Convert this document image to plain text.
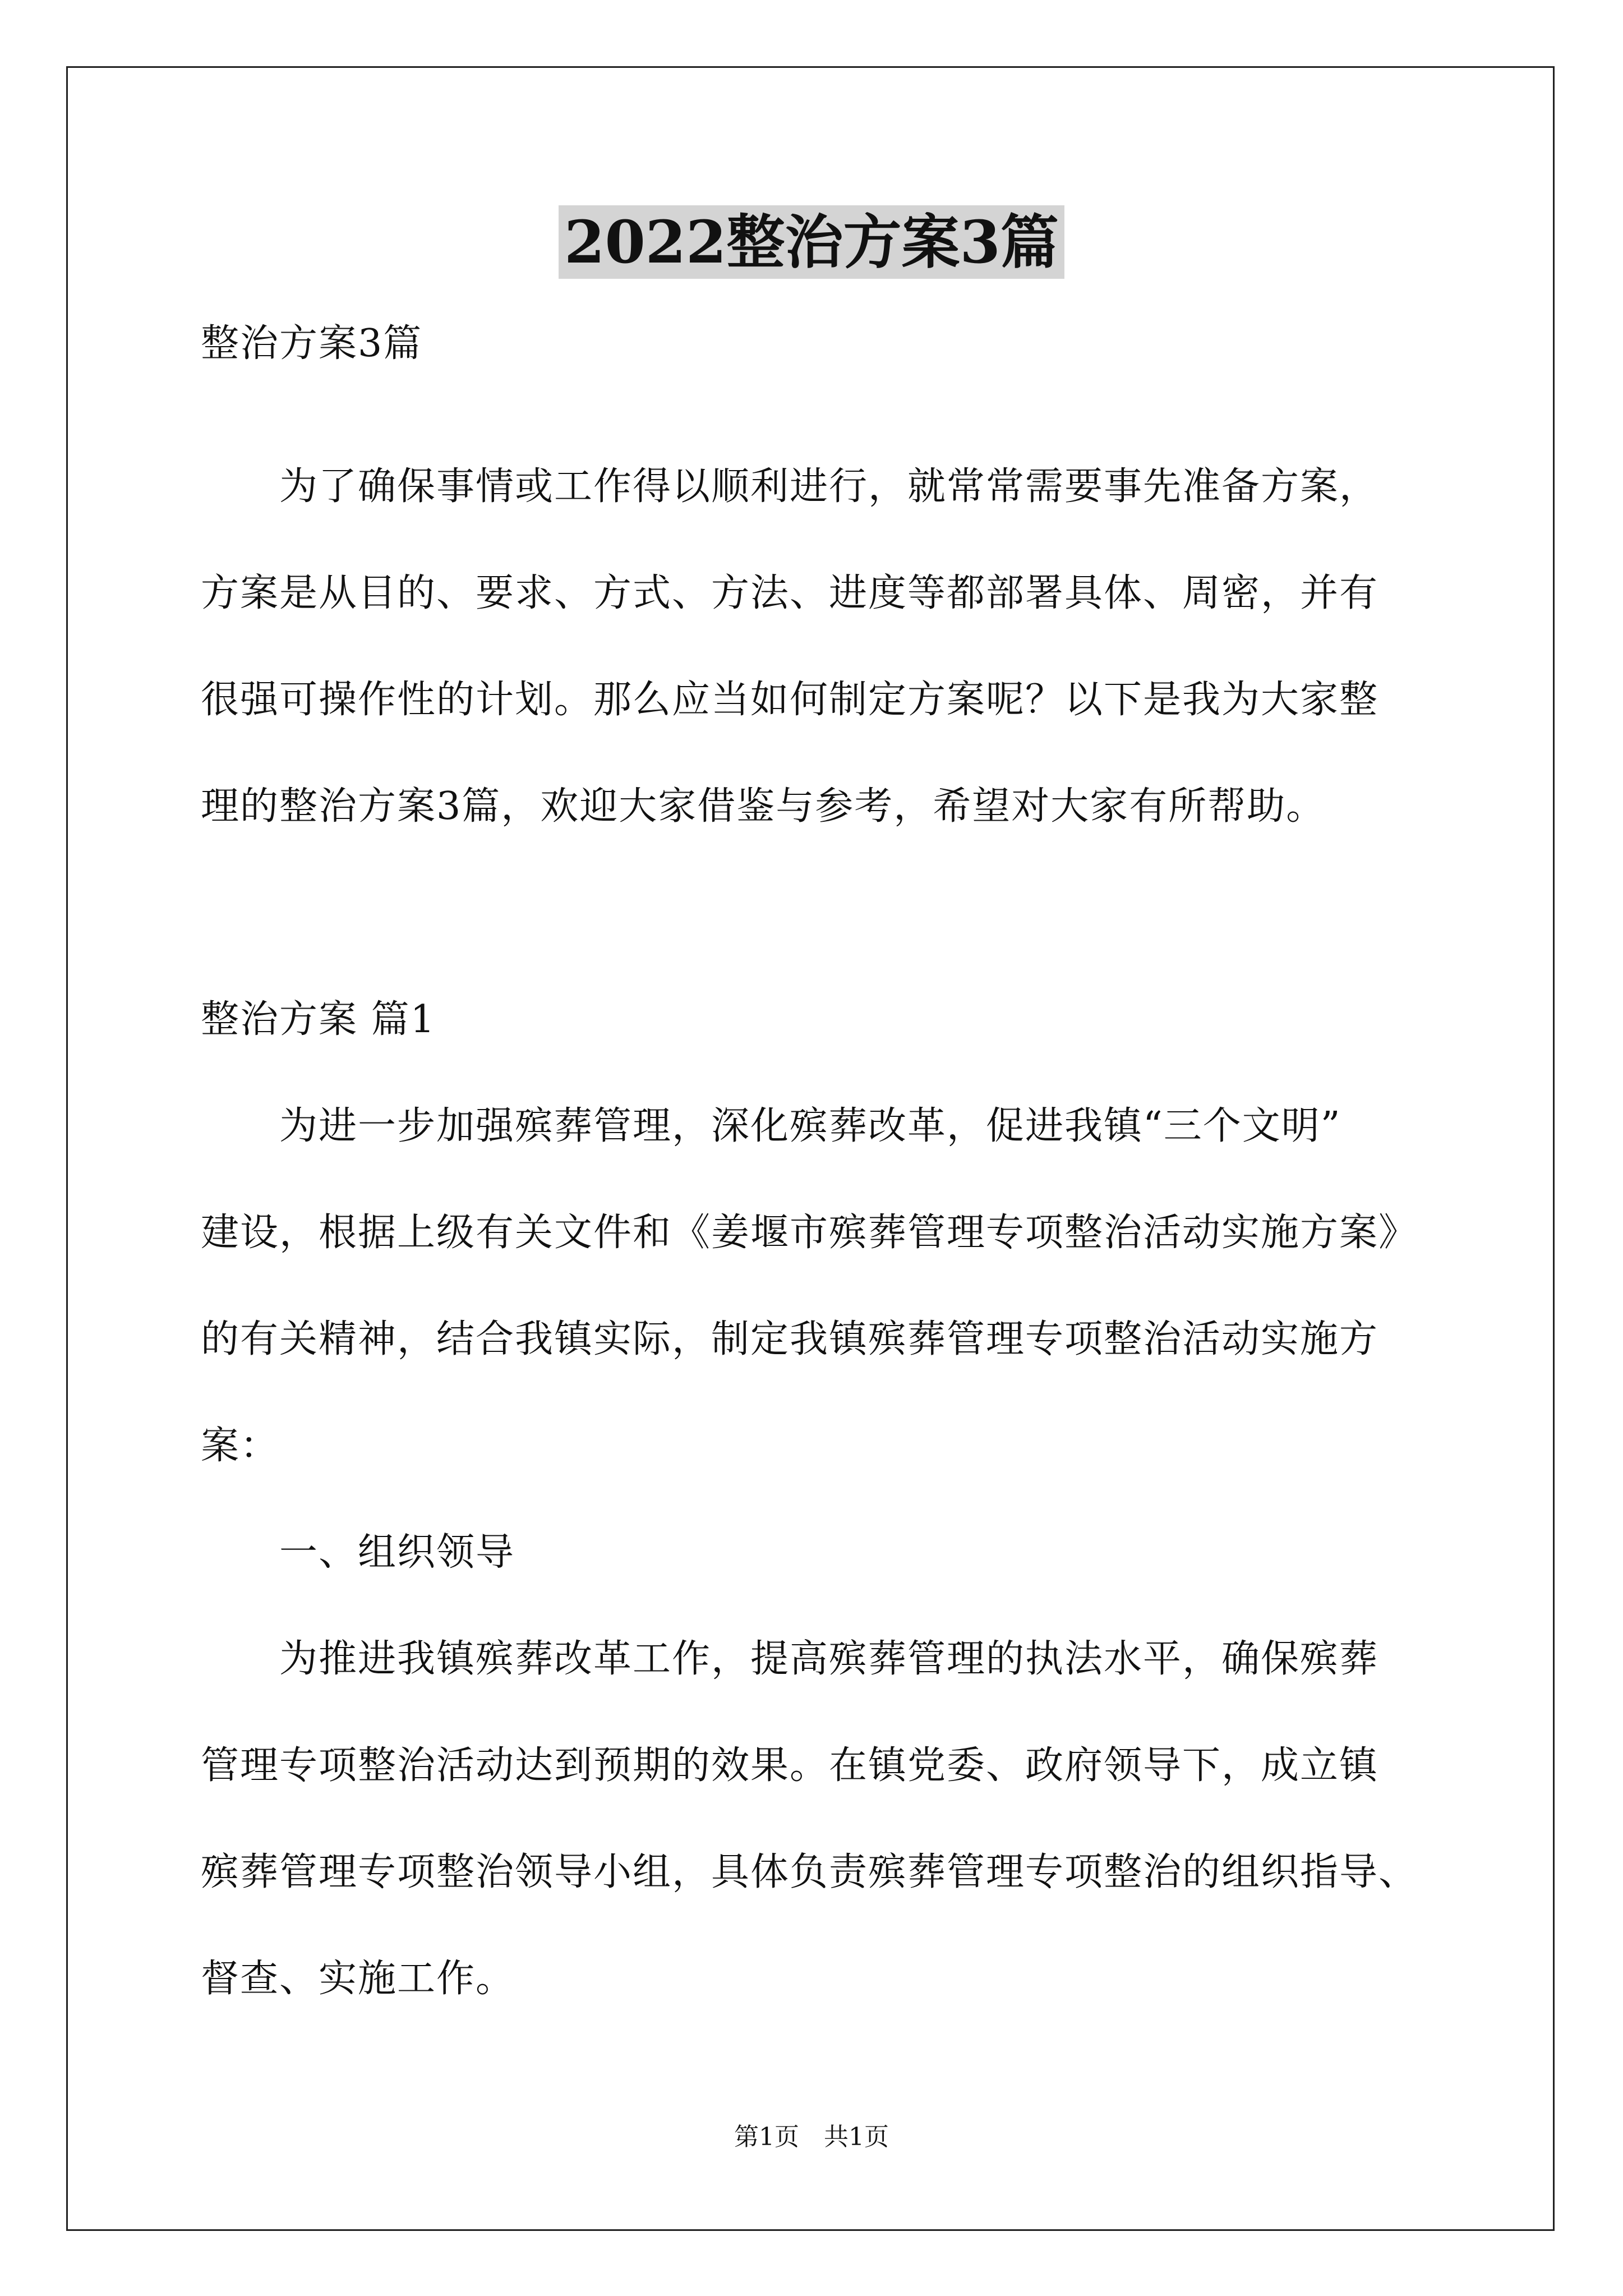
2022整治方案3篇

整治方案3篇

为了确保事情或工作得以顺利进行，就常常需要事先准备方案，

方案是从目的、要求、方式、方法、进度等都部署具体、周密，并有

很强可操作性的计划。那么应当如何制定方案呢？以下是我为大家整

理的整治方案3篇，欢迎大家借鉴与参考，希望对大家有所帮助。

整治方案 篇1

为进一步加强殡葬管理，深化殡葬改革，促进我镇“三个文明”

建设，根据上级有关文件和《姜堰市殡葬管理专项整治活动实施方案》

的有关精神，结合我镇实际，制定我镇殡葬管理专项整治活动实施方

案：

一、组织领导

为推进我镇殡葬改革工作，提高殡葬管理的执法水平，确保殡葬

管理专项整治活动达到预期的效果。在镇党委、政府领导下，成立镇

殡葬管理专项整治领导小组，具体负责殡葬管理专项整治的组织指导、

督查、实施工作。

第1页　共1页
